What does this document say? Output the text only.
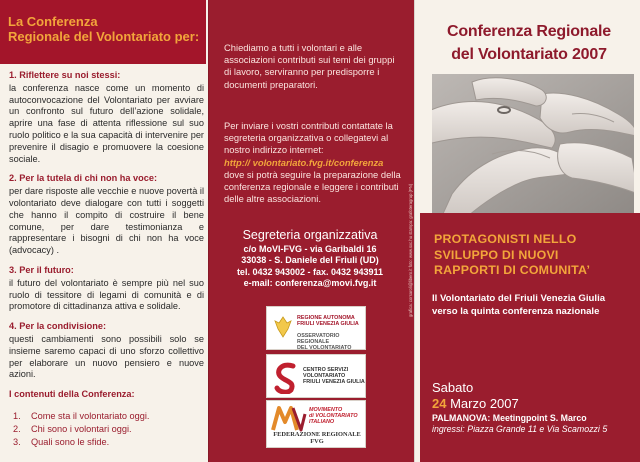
La Conferenza
Regionale del Volontariato per:
1. Riflettere su noi stessi:
la conferenza nasce come un momento di autoconvocazione del Volontariato per avviare un confronto sul futuro dell’azione solidale, aprire una fase di attenta riflessione sul suo ruolo politico e la sua capacità di intervenire per prevenire il disagio e promuovere la coesione sociale.
2. Per la tutela di chi non ha voce:
per dare risposte alle vecchie e nuove povertà il volontariato deve dialogare con tutti i soggetti che hanno il compito di costruire il bene comune, per dare testimonianza e rappresentare i bisogni di chi non ha voce (advocacy) .
3. Per il futuro:
il futuro del volontariato è sempre più nel suo ruolo di tessitore di legami di comunità e di promotore di cittadinanza attiva e solidale.
4. Per la condivisione:
questi cambiamenti sono possibili solo se insieme saremo capaci di uno sforzo collettivo per elaborare un nuovo pensiero e nuove azioni.
I contenuti della Conferenza:
1. Come sta il volontariato oggi.
2. Chi sono i volontari oggi.
3. Quali sono le sfide.
Chiediamo a tutti i volontari e alle associazioni contributi sui temi dei gruppi di lavoro, serviranno per predisporre i documenti preparatori.
Per inviare i vostri contributi contattate la segreteria organizzativa o collegatevi al nostro indirizzo internet:
http:// volontariato.fvg.it/conferenza
dove si potrà seguire la preparazione della conferenza regionale e leggere i contributi delle altre associazioni.
Segreteria organizzativa
c/o MoVI-FVG - via Garibaldi 16
33038 - S. Daniele del Friuli (UD)
tel. 0432 943002 - fax. 0432 943911
e-mail: conferenza@movi.fvg.it
REGIONE AUTONOMA
FRIULI VENEZIA GIULIA
OSSERVATORIO REGIONALE
DEL VOLONTARIATO
CENTRO SERVIZI
VOLONTARIATO
FRIULI VENEZIA GIULIA
MOVIMENTO
di VOLONTARIATO
ITALIANO
FEDERAZIONE REGIONALE FVG
grafica: corsaroli@libero.it foto: www.sxc.hu stampa: grafoteragrup (PN)
Conferenza Regionale
del Volontariato 2007
PROTAGONISTI NELLO
SVILUPPO DI NUOVI
RAPPORTI DI COMUNITA’
Il Volontariato del Friuli Venezia Giulia
verso la quinta conferenza nazionale
Sabato
24 Marzo 2007
PALMANOVA: Meetingpoint S. Marco
ingressi: Piazza Grande 11 e Via Scamozzi 5
